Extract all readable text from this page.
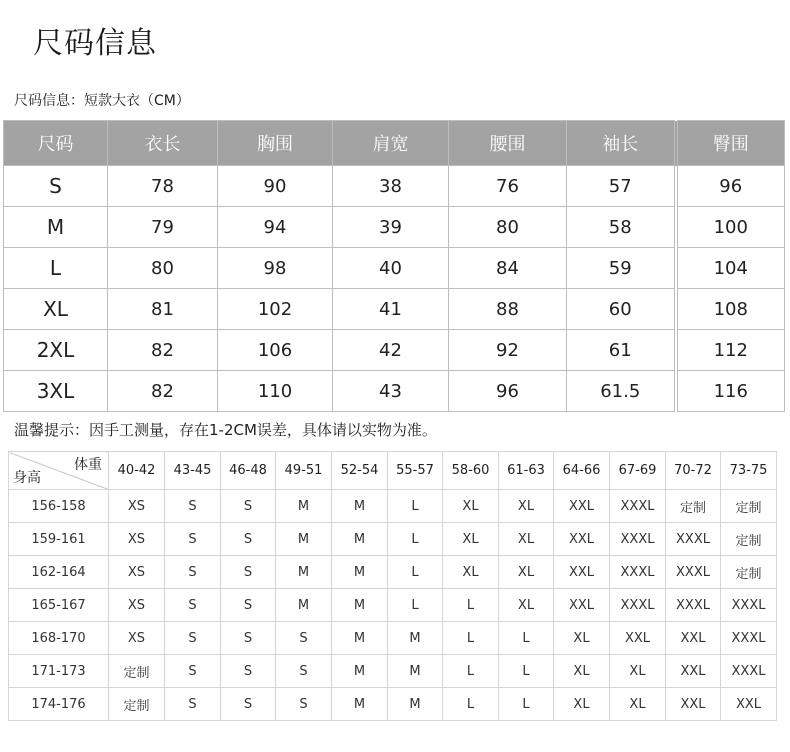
尺码信息
尺码信息：短款大衣（CM）
尺码	衣长	胸围	肩宽	腰围	袖长	臀围
S	78	90	38	76	57	96
M	79	94	39	80	58	100
L	80	98	40	84	59	104
XL	81	102	41	88	60	108
2XL	82	106	42	92	61	112
3XL	82	110	43	96	61.5	116
温馨提示：因手工测量，存在1-2CM误差，具体请以实物为准。
体重
身高	40-42	43-45	46-48	49-51	52-54	55-57	58-60	61-63	64-66	67-69	70-72	73-75
156-158	XS	S	S	M	M	L	XL	XL	XXL	XXXL	定制	定制
159-161	XS	S	S	M	M	L	XL	XL	XXL	XXXL	XXXL	定制
162-164	XS	S	S	M	M	L	XL	XL	XXL	XXXL	XXXL	定制
165-167	XS	S	S	M	M	L	L	XL	XXL	XXXL	XXXL	XXXL
168-170	XS	S	S	S	M	M	L	L	XL	XXL	XXL	XXXL
171-173	定制	S	S	S	M	M	L	L	XL	XL	XXL	XXXL
174-176	定制	S	S	S	M	M	L	L	XL	XL	XXL	XXL
